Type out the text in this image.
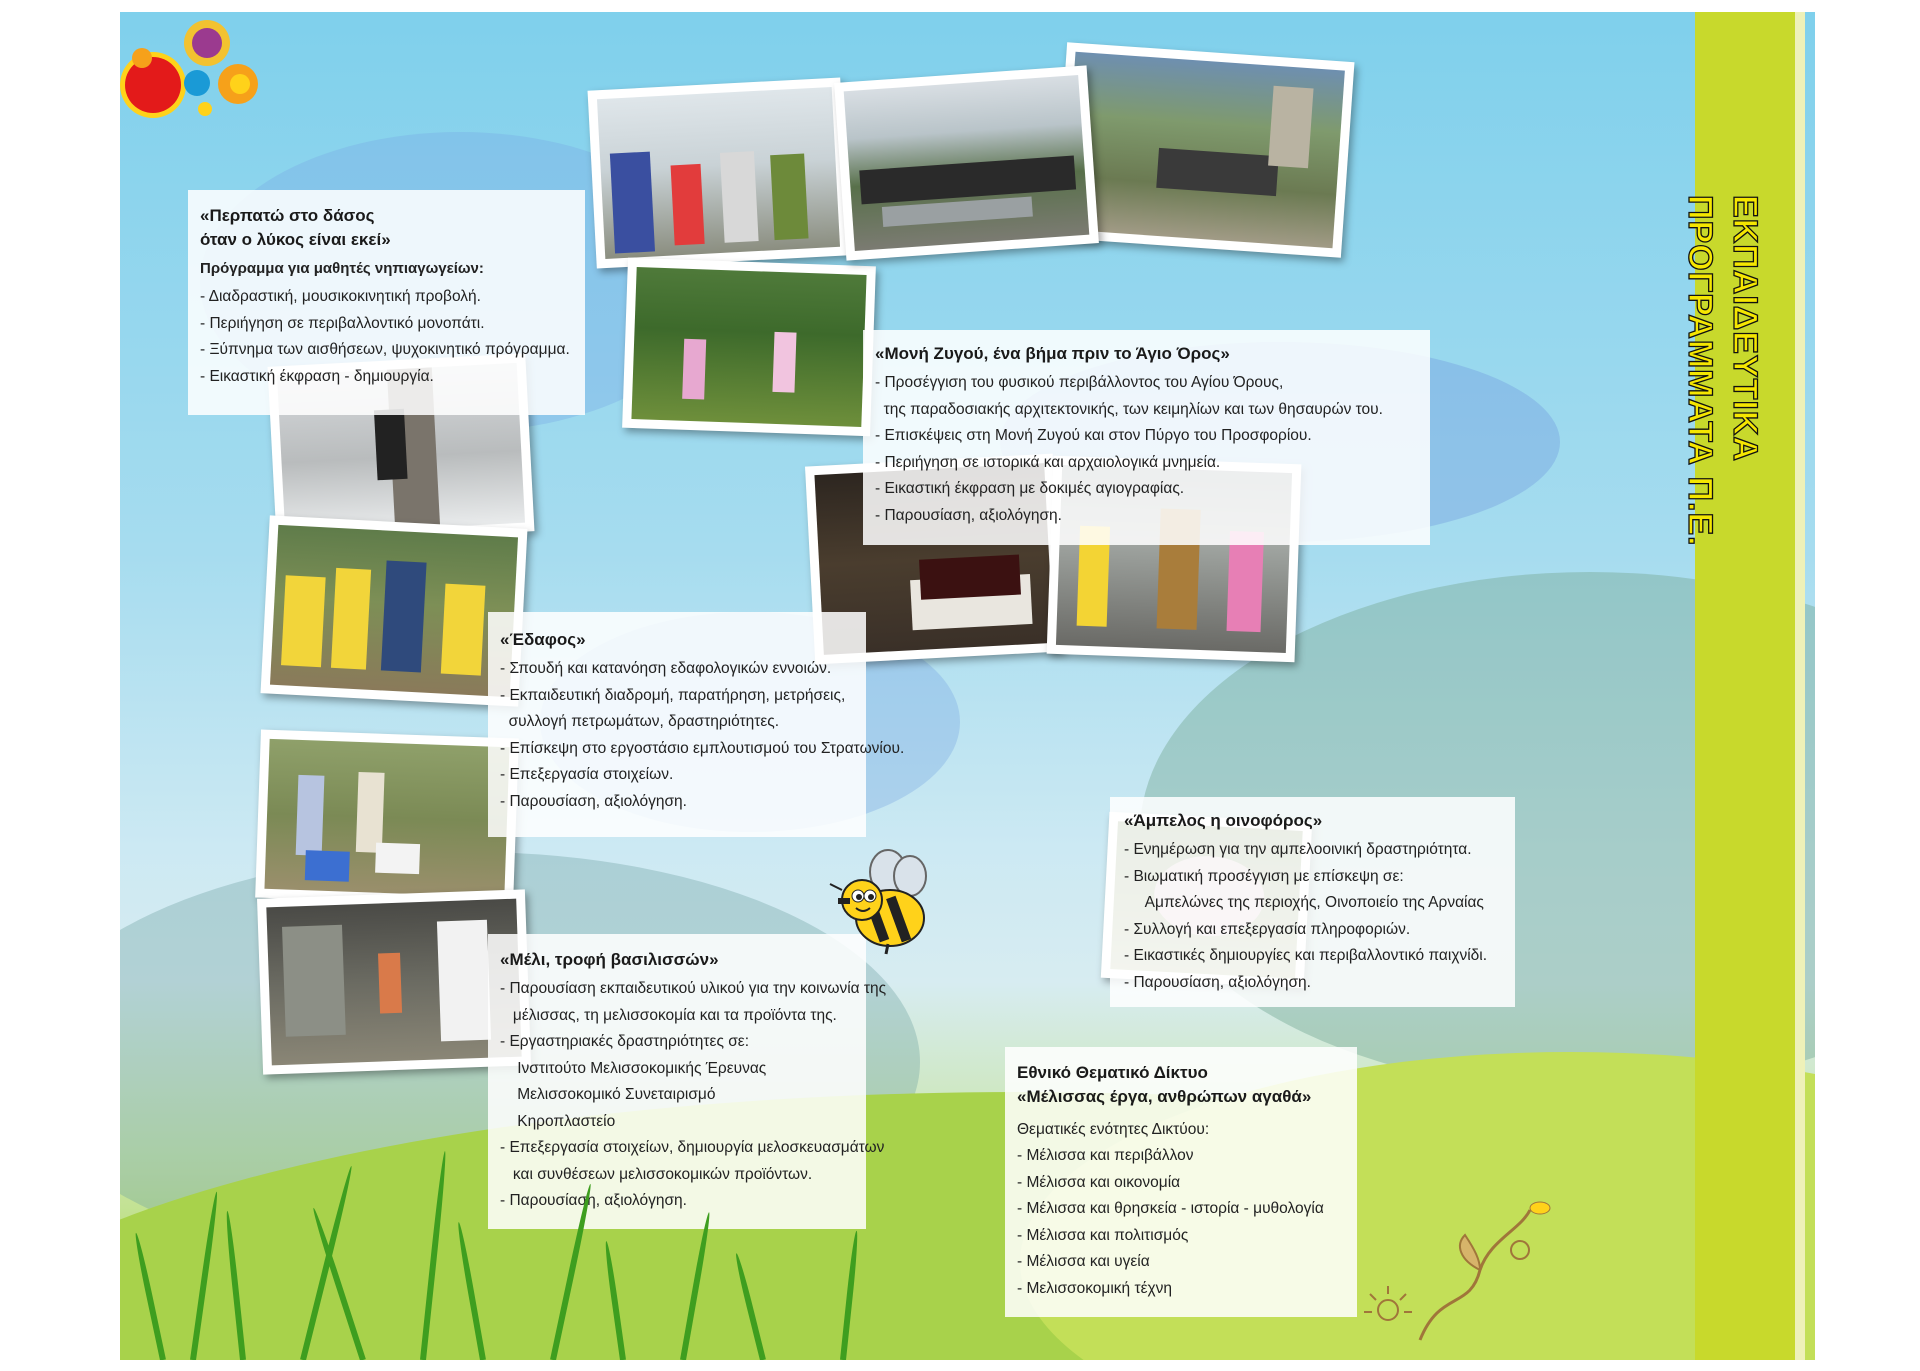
«Περπατώ στο δάσος
όταν ο λύκος είναι εκεί»
Πρόγραμμα για μαθητές νηπιαγωγείων:
- Διαδραστική, μουσικοκινητική προβολή.
- Περιήγηση σε περιβαλλοντικό μονοπάτι.
- Ξύπνημα των αισθήσεων, ψυχοκινητικό πρόγραμμα.
- Εικαστική έκφραση - δημιουργία.
«Μονή Ζυγού, ένα βήμα πριν το Άγιο Όρος»
- Προσέγγιση του φυσικού περιβάλλοντος του Αγίου Όρους,
της παραδοσιακής αρχιτεκτονικής, των κειμηλίων και των θησαυρών του.
- Επισκέψεις στη Μονή Ζυγού και στον Πύργο του Προσφορίου.
- Περιήγηση σε ιστορικά και αρχαιολογικά μνημεία.
- Εικαστική έκφραση με δοκιμές αγιογραφίας.
- Παρουσίαση, αξιολόγηση.
«Έδαφος»
- Σπουδή και κατανόηση εδαφολογικών εννοιών.
- Εκπαιδευτική διαδρομή, παρατήρηση, μετρήσεις,
συλλογή πετρωμάτων, δραστηριότητες.
- Επίσκεψη στο εργοστάσιο εμπλουτισμού του Στρατωνίου.
- Επεξεργασία στοιχείων.
- Παρουσίαση, αξιολόγηση.
«Άμπελος η οινοφόρος»
- Ενημέρωση για την αμπελοοινική δραστηριότητα.
- Βιωματική προσέγγιση με επίσκεψη σε:
Αμπελώνες της περιοχής, Οινοποιείο της Αρναίας
- Συλλογή και επεξεργασία πληροφοριών.
- Εικαστικές δημιουργίες και περιβαλλοντικό παιχνίδι.
- Παρουσίαση, αξιολόγηση.
«Μέλι, τροφή βασιλισσών»
- Παρουσίαση εκπαιδευτικού υλικού για την κοινωνία της
μέλισσας, τη μελισσοκομία και τα προϊόντα της.
- Εργαστηριακές δραστηριότητες σε:
Ινστιτούτο Μελισσοκομικής Έρευνας
Μελισσοκομικό Συνεταιρισμό
Κηροπλαστείο
- Επεξεργασία στοιχείων, δημιουργία μελοσκευασμάτων
και συνθέσεων μελισσοκομικών προϊόντων.
- Παρουσίαση, αξιολόγηση.
Εθνικό Θεματικό Δίκτυο
«Μέλισσας έργα, ανθρώπων αγαθά»
Θεματικές ενότητες Δικτύου:
- Μέλισσα και περιβάλλον
- Μέλισσα και οικονομία
- Μέλισσα και θρησκεία - ιστορία - μυθολογία
- Μέλισσα και πολιτισμός
- Μέλισσα και υγεία
- Μελισσοκομική τέχνη
ΕΚΠΑΙΔΕΥΤΙΚΑ
ΠΡΟΓΡΑΜΜΑΤΑ Π.Ε.
